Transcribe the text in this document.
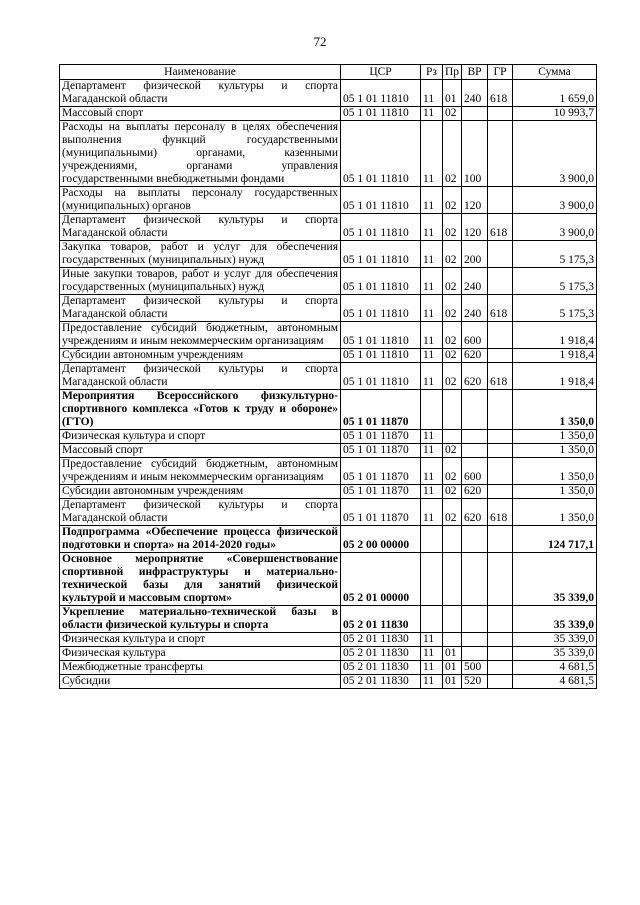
72
Наименование	ЦСР	Рз	Пр	ВР	ГР	Сумма
Департамент физической культуры и спорта Магаданской области	05 1 01 11810	11	01	240	618	1 659,0
Массовый спорт	05 1 01 11810	11	02			10 993,7
Расходы на выплаты персоналу в целях обеспечения выполнения функций государственными (муниципальными) органами, казенными учреждениями, органами управления государственными внебюджетными фондами	05 1 01 11810	11	02	100		3 900,0
Расходы на выплаты персоналу государственных (муниципальных) органов	05 1 01 11810	11	02	120		3 900,0
Департамент физической культуры и спорта Магаданской области	05 1 01 11810	11	02	120	618	3 900,0
Закупка товаров, работ и услуг для обеспечения государственных (муниципальных) нужд	05 1 01 11810	11	02	200		5 175,3
Иные закупки товаров, работ и услуг для обеспечения государственных (муниципальных) нужд	05 1 01 11810	11	02	240		5 175,3
Департамент физической культуры и спорта Магаданской области	05 1 01 11810	11	02	240	618	5 175,3
Предоставление субсидий бюджетным, автономным учреждениям и иным некоммерческим организациям	05 1 01 11810	11	02	600		1 918,4
Субсидии автономным учреждениям	05 1 01 11810	11	02	620		1 918,4
Департамент физической культуры и спорта Магаданской области	05 1 01 11810	11	02	620	618	1 918,4
Мероприятия Всероссийского физкультурно-спортивного комплекса «Готов к труду и обороне» (ГТО)	05 1 01 11870					1 350,0
Физическая культура и спорт	05 1 01 11870	11				1 350,0
Массовый спорт	05 1 01 11870	11	02			1 350,0
Предоставление субсидий бюджетным, автономным учреждениям и иным некоммерческим организациям	05 1 01 11870	11	02	600		1 350,0
Субсидии автономным учреждениям	05 1 01 11870	11	02	620		1 350,0
Департамент физической культуры и спорта Магаданской области	05 1 01 11870	11	02	620	618	1 350,0
Подпрограмма «Обеспечение процесса физической подготовки и спорта» на 2014-2020 годы»	05 2 00 00000					124 717,1
Основное мероприятие «Совершенствование спортивной инфраструктуры и материально-технической базы для занятий физической культурой и массовым спортом»	05 2 01 00000					35 339,0
Укрепление материально-технической базы в области физической культуры и спорта	05 2 01 11830					35 339,0
Физическая культура и спорт	05 2 01 11830	11				35 339,0
Физическая культура	05 2 01 11830	11	01			35 339,0
Межбюджетные трансферты	05 2 01 11830	11	01	500		4 681,5
Субсидии	05 2 01 11830	11	01	520		4 681,5
